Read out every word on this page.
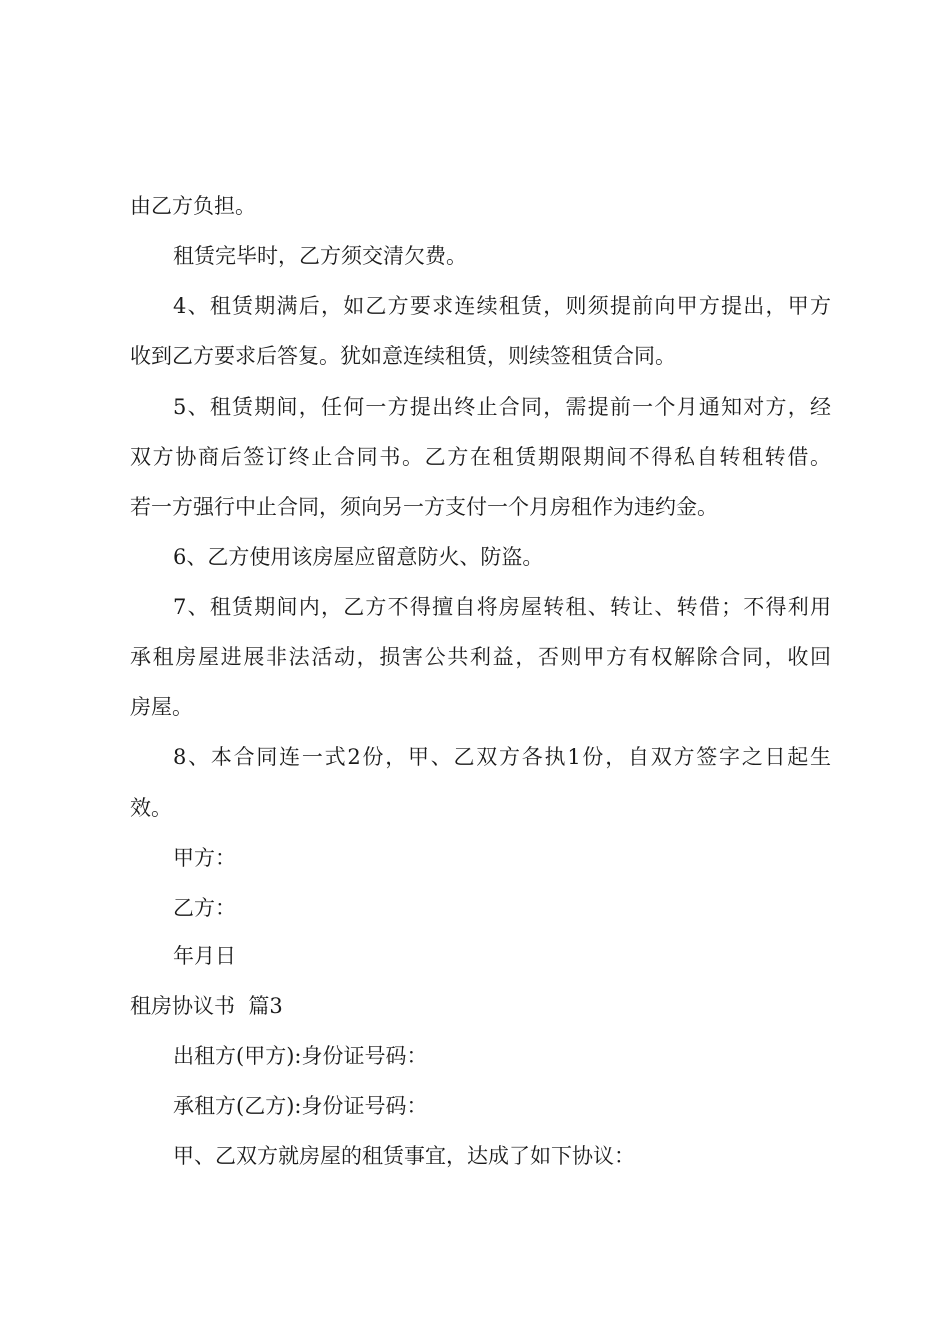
由乙方负担。
租赁完毕时，乙方须交清欠费。
4、租赁期满后，如乙方要求连续租赁，则须提前向甲方提出，甲方
收到乙方要求后答复。犹如意连续租赁，则续签租赁合同。
5、租赁期间，任何一方提出终止合同，需提前一个月通知对方，经
双方协商后签订终止合同书。乙方在租赁期限期间不得私自转租转借。
若一方强行中止合同，须向另一方支付一个月房租作为违约金。
6、乙方使用该房屋应留意防火、防盗。
7、租赁期间内，乙方不得擅自将房屋转租、转让、转借；不得利用
承租房屋进展非法活动，损害公共利益，否则甲方有权解除合同，收回
房屋。
8、本合同连一式2份，甲、乙双方各执1份，自双方签字之日起生
效。
甲方：
乙方：
年月日
租房协议书  篇3
出租方(甲方):身份证号码：
承租方(乙方):身份证号码：
甲、乙双方就房屋的租赁事宜，达成了如下协议：
